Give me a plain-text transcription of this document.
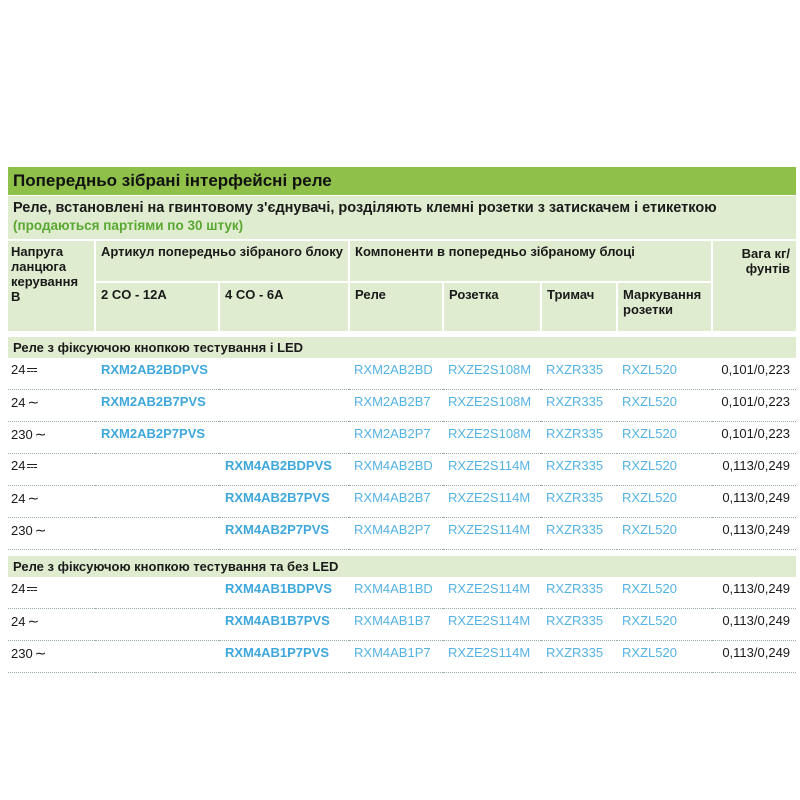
Попередньо зібрані інтерфейсні реле
Реле, встановлені на гвинтовому з'єднувачі, розділяють клемні розетки з затискачем і етикеткою (продаються партіями по 30 штук)
Напруга ланцюга керування В	Артикул попередньо зібраного блоку		Компоненти в попередньо зібраному блоці				Вага кг/фунтів
	2 CO - 12A	4 CO - 6A	Реле	Розетка	Тримач	Маркування розетки	

Реле з фіксуючою кнопкою тестування і LED							
24	RXM2AB2BDPVS		RXM2AB2BD	RXZE2S108M	RXZR335	RXZL520	0,101/0,223
24 ∼	RXM2AB2B7PVS		RXM2AB2B7	RXZE2S108M	RXZR335	RXZL520	0,101/0,223
230 ∼	RXM2AB2P7PVS		RXM2AB2P7	RXZE2S108M	RXZR335	RXZL520	0,101/0,223
24		RXM4AB2BDPVS	RXM4AB2BD	RXZE2S114M	RXZR335	RXZL520	0,113/0,249
24 ∼		RXM4AB2B7PVS	RXM4AB2B7	RXZE2S114M	RXZR335	RXZL520	0,113/0,249
230 ∼		RXM4AB2P7PVS	RXM4AB2P7	RXZE2S114M	RXZR335	RXZL520	0,113/0,249

Реле з фіксуючою кнопкою тестування та без LED							
24		RXM4AB1BDPVS	RXM4AB1BD	RXZE2S114M	RXZR335	RXZL520	0,113/0,249
24 ∼		RXM4AB1B7PVS	RXM4AB1B7	RXZE2S114M	RXZR335	RXZL520	0,113/0,249
230 ∼		RXM4AB1P7PVS	RXM4AB1P7	RXZE2S114M	RXZR335	RXZL520	0,113/0,249
